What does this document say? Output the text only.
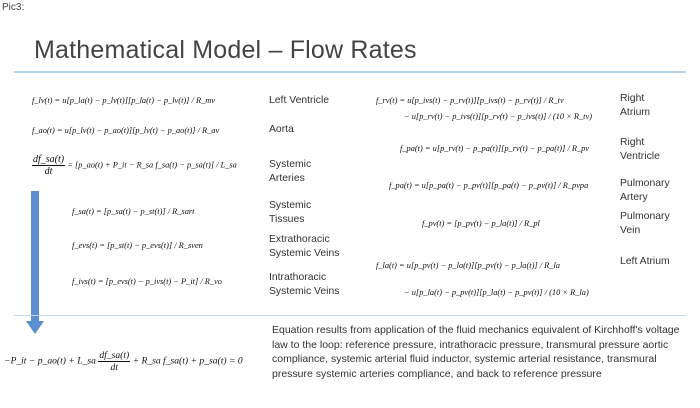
Pic3:
Mathematical Model – Flow Rates
f_lv(t) = u[p_la(t) − p_lv(t)][p_la(t) − p_lv(t)] / R_mv
f_ao(t) = u[p_lv(t) − p_ao(t)][p_lv(t) − p_ao(t)] / R_av
$\frac{df\_sa(t)}{dt}$ = [p_ao(t) + P_it − R_sa f_sa(t) − p_sa(t)] / L_sa
f_sa(t) = [p_sa(t) − p_st(t)] / R_sart
f_evs(t) = [p_st(t) − p_evs(t)] / R_sven
f_ivs(t) = [p_evs(t) − p_ivs(t) − P_it] / R_vo
Left Ventricle
Aorta
Systemic Arteries
Systemic Tissues
Extrathoracic Systemic Veins
Intrathoracic Systemic Veins
f_rv(t) = u[p_ivs(t) − p_rv(t)][p_ivs(t) − p_rv(t)] / R_tv
− u[p_rv(t) − p_ivs(t)][p_rv(t) − p_ivs(t)] / (10 × R_tv)
f_pa(t) = u[p_rv(t) − p_pa(t)][p_rv(t) − p_pa(t)] / R_pv
f_pa(t) = u[p_pa(t) − p_pv(t)][p_pa(t) − p_pv(t)] / R_pvpa
f_pv(t) = [p_pv(t) − p_la(t)] / R_pl
f_la(t) = u[p_pv(t) − p_la(t)][p_pv(t) − p_la(t)] / R_la
− u[p_la(t) − p_pv(t)][p_la(t) − p_pv(t)] / (10 × R_la)
Right Atrium
Right Ventricle
Pulmonary Artery
Pulmonary Vein
Left Atrium
−P_it − p_ao(t) + L_sa $\frac{df\_sa(t)}{dt}$ + R_sa f_sa(t) + p_sa(t) = 0
Equation results from application of the fluid mechanics equivalent of Kirchhoff's voltage law to the loop: reference pressure, intrathoracic pressure, transmural pressure aortic compliance, systemic arterial fluid inductor, systemic arterial resistance, transmural pressure systemic arteries compliance, and back to reference pressure
